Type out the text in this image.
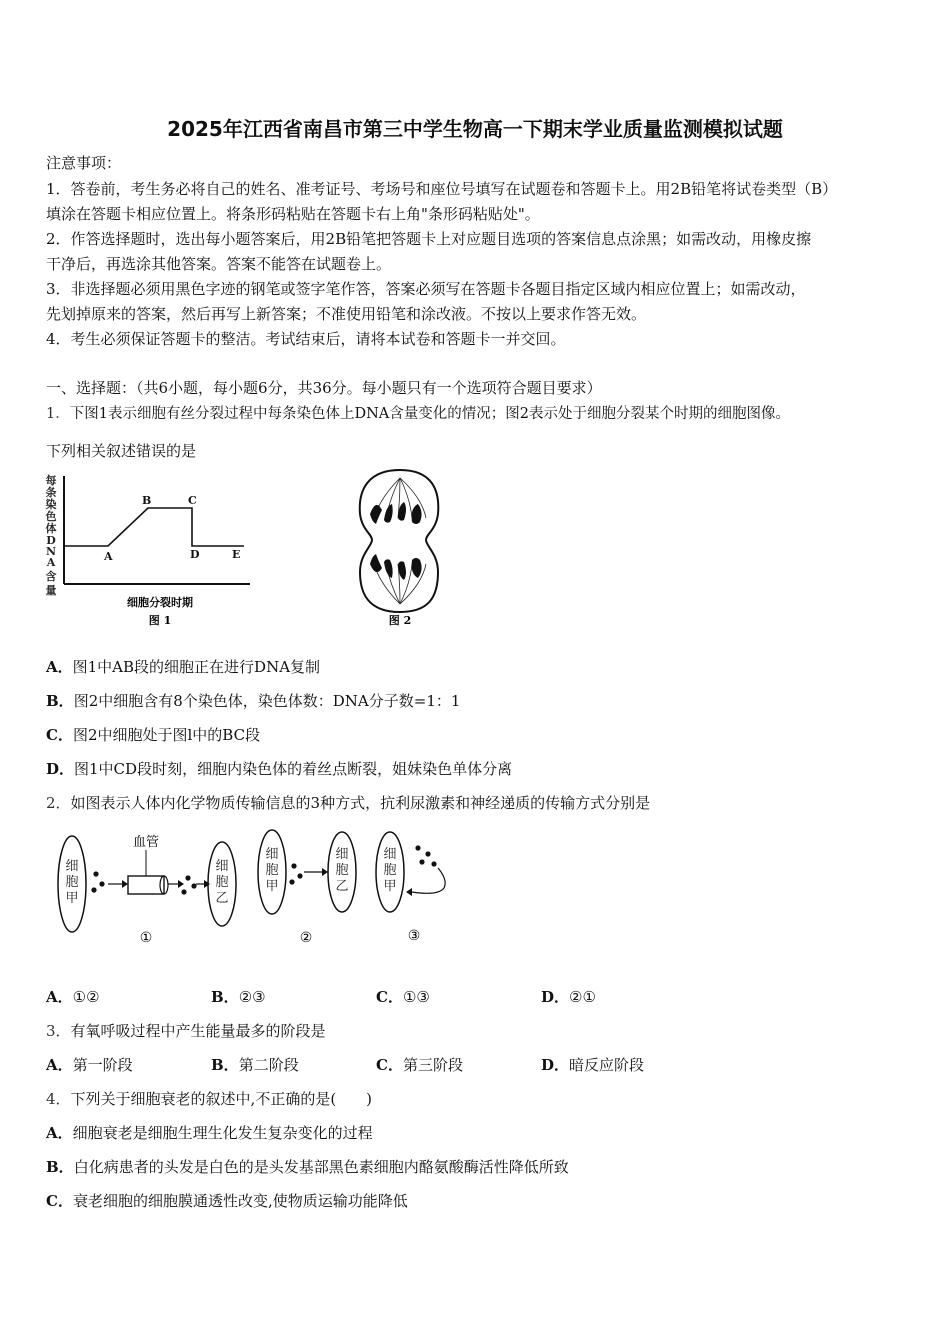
2025年江西省南昌市第三中学生物高一下期末学业质量监测模拟试题
注意事项：
1．答卷前，考生务必将自己的姓名、准考证号、考场号和座位号填写在试题卷和答题卡上。用2B铅笔将试卷类型（B）
填涂在答题卡相应位置上。将条形码粘贴在答题卡右上角"条形码粘贴处"。
2．作答选择题时，选出每小题答案后，用2B铅笔把答题卡上对应题目选项的答案信息点涂黑；如需改动，用橡皮擦
干净后，再选涂其他答案。答案不能答在试题卷上。
3．非选择题必须用黑色字迹的钢笔或签字笔作答，答案必须写在答题卡各题目指定区域内相应位置上；如需改动，
先划掉原来的答案，然后再写上新答案；不准使用铅笔和涂改液。不按以上要求作答无效。
4．考生必须保证答题卡的整洁。考试结束后，请将本试卷和答题卡一并交回。
一、选择题：（共6小题，每小题6分，共36分。每小题只有一个选项符合题目要求）
1．下图1表示细胞有丝分裂过程中每条染色体上DNA含量变化的情况；图2表示处于细胞分裂某个时期的细胞图像。
下列相关叙述错误的是
每
条
染
色
体
D
N
A
含
量
A
B	C
D	E
细胞分裂时期
图 1	图 2
A．图1中AB段的细胞正在进行DNA复制
B．图2中细胞含有8个染色体，染色体数：DNA分子数=1：1
C．图2中细胞处于图l中的BC段
D．图1中CD段时刻，细胞内染色体的着丝点断裂，姐妹染色单体分离
2．如图表示人体内化学物质传输信息的3种方式，抗利尿激素和神经递质的传输方式分别是
细
胞
甲
血管
细
胞
乙
①
细
胞
甲
细
胞
乙
②
细
胞
甲
③
A．①②	B．②③	C．①③	D．②①
3．有氧呼吸过程中产生能量最多的阶段是
A．第一阶段	B．第二阶段	C．第三阶段	D．暗反应阶段
4．下列关于细胞衰老的叙述中,不正确的是(　　)
A．细胞衰老是细胞生理生化发生复杂变化的过程
B．白化病患者的头发是白色的是头发基部黑色素细胞内酪氨酸酶活性降低所致
C．衰老细胞的细胞膜通透性改变,使物质运输功能降低
